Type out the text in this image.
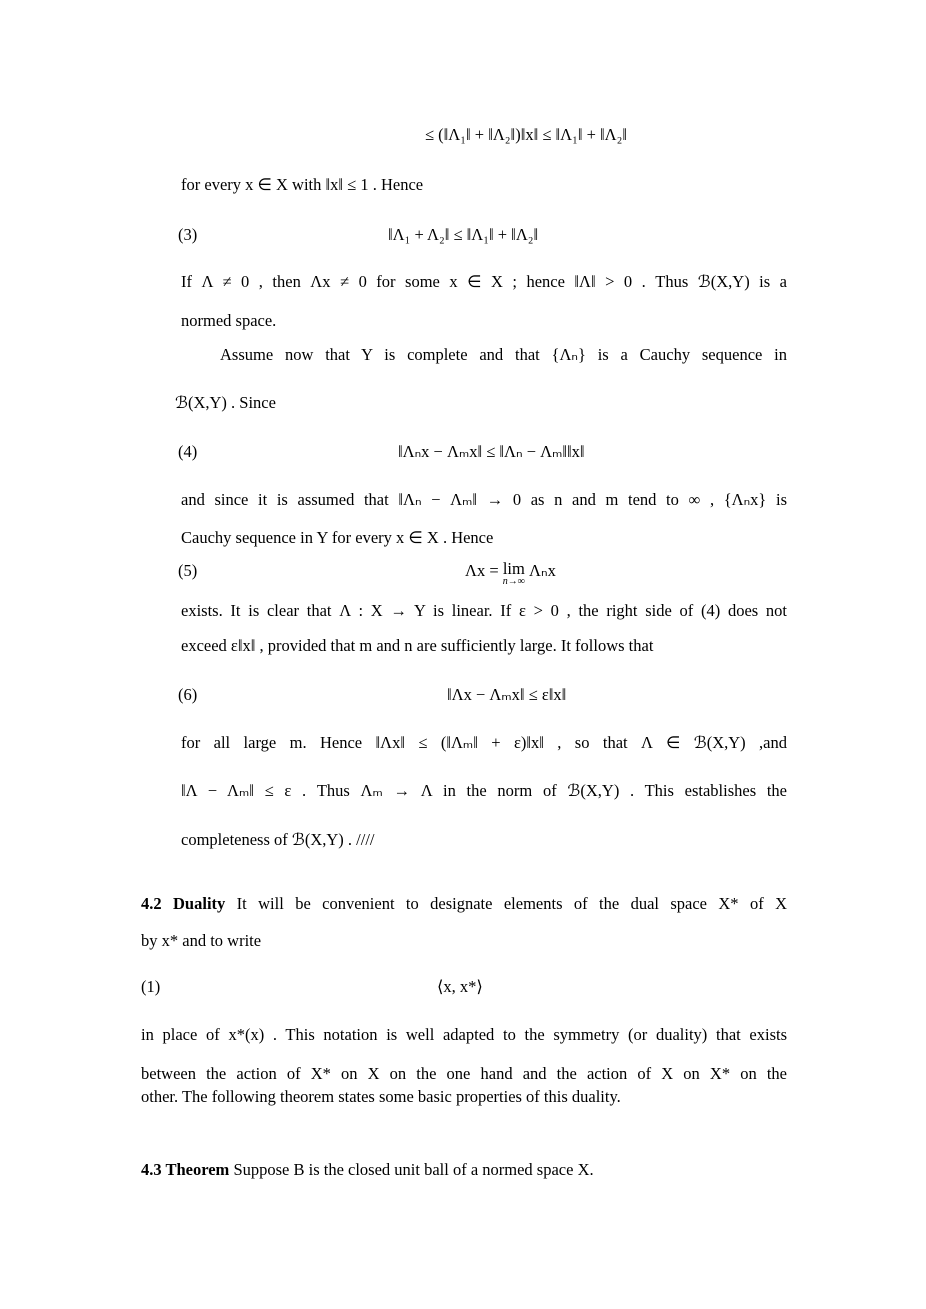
≤ (‖Λ₁‖ + ‖Λ₂‖)‖x‖ ≤ ‖Λ₁‖ + ‖Λ₂‖
for every x ∈ X with ‖x‖ ≤ 1 . Hence
(3)	‖Λ₁ + Λ₂‖ ≤ ‖Λ₁‖ + ‖Λ₂‖
If Λ ≠ 0 , then Λx ≠ 0 for some x ∈ X ; hence ‖Λ‖ > 0 . Thus ℬ(X,Y) is a
normed space.
Assume now that Y is complete and that {Λₙ} is a Cauchy sequence in
ℬ(X,Y) . Since
(4)	‖Λₙx − Λₘx‖ ≤ ‖Λₙ − Λₘ‖‖x‖
and since it is assumed that ‖Λₙ − Λₘ‖ → 0 as n and m tend to ∞ , {Λₙx} is
Cauchy sequence in Y for every x ∈ X . Hence
(5)	Λx = lim
n→∞
Λₙx
exists. It is clear that Λ : X → Y is linear. If ε > 0 , the right side of (4) does not
exceed ε‖x‖ , provided that m and n are sufficiently large. It follows that
(6)	‖Λx − Λₘx‖ ≤ ε‖x‖
for all large m. Hence ‖Λx‖ ≤ (‖Λₘ‖ + ε)‖x‖ , so that Λ ∈ ℬ(X,Y) ,and
‖Λ − Λₘ‖ ≤ ε . Thus Λₘ → Λ in the norm of ℬ(X,Y) . This establishes the
completeness of ℬ(X,Y) . ////
4.2 Duality It will be convenient to designate elements of the dual space X* of X
by x* and to write
(1)	⟨x, x*⟩
in place of x*(x) . This notation is well adapted to the symmetry (or duality) that exists
between the action of X* on X on the one hand and the action of X on X* on the
other. The following theorem states some basic properties of this duality.
4.3 Theorem Suppose B is the closed unit ball of a normed space X.
